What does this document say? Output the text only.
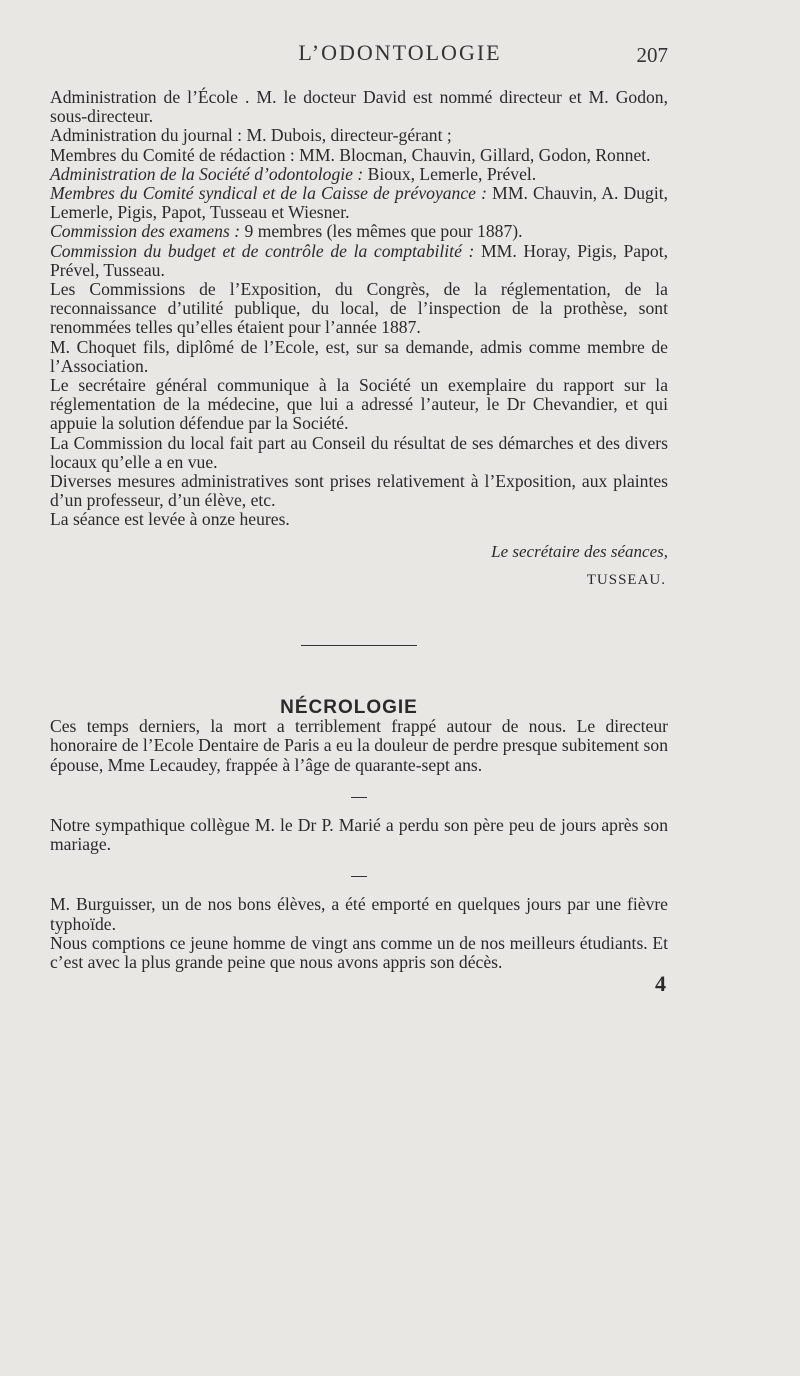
L’ODONTOLOGIE	207

Administration de l’École . M. le docteur David est nommé directeur et M. Godon, sous-directeur.

Administration du journal : M. Dubois, directeur-gérant ;

Membres du Comité de rédaction : MM. Blocman, Chauvin, Gillard, Godon, Ronnet.

Administration de la Société d’odontologie : Bioux, Lemerle, Prével.

Membres du Comité syndical et de la Caisse de prévoyance : MM. Chauvin, A. Dugit, Lemerle, Pigis, Papot, Tusseau et Wiesner.

Commission des examens : 9 membres (les mêmes que pour 1887).

Commission du budget et de contrôle de la comptabilité : MM. Horay, Pigis, Papot, Prével, Tusseau.

Les Commissions de l’Exposition, du Congrès, de la réglementation, de la reconnaissance d’utilité publique, du local, de l’inspection de la prothèse, sont renommées telles qu’elles étaient pour l’année 1887.

M. Choquet fils, diplômé de l’Ecole, est, sur sa demande, admis comme membre de l’Association.

Le secrétaire général communique à la Société un exemplaire du rapport sur la réglementation de la médecine, que lui a adressé l’auteur, le Dr Chevandier, et qui appuie la solution défendue par la Société.

La Commission du local fait part au Conseil du résultat de ses démarches et des divers locaux qu’elle a en vue.

Diverses mesures administratives sont prises relativement à l’Exposition, aux plaintes d’un professeur, d’un élève, etc.

La séance est levée à onze heures.

Le secrétaire des séances,
TUSSEAU.
NÉCROLOGIE

Ces temps derniers, la mort a terriblement frappé autour de nous. Le directeur honoraire de l’Ecole Dentaire de Paris a eu la douleur de perdre presque subitement son épouse, Mme Lecaudey, frappée à l’âge de quarante-sept ans.

Notre sympathique collègue M. le Dr P. Marié a perdu son père peu de jours après son mariage.

M. Burguisser, un de nos bons élèves, a été emporté en quelques jours par une fièvre typhoïde.

Nous comptions ce jeune homme de vingt ans comme un de nos meilleurs étudiants. Et c’est avec la plus grande peine que nous avons appris son décès.

4
